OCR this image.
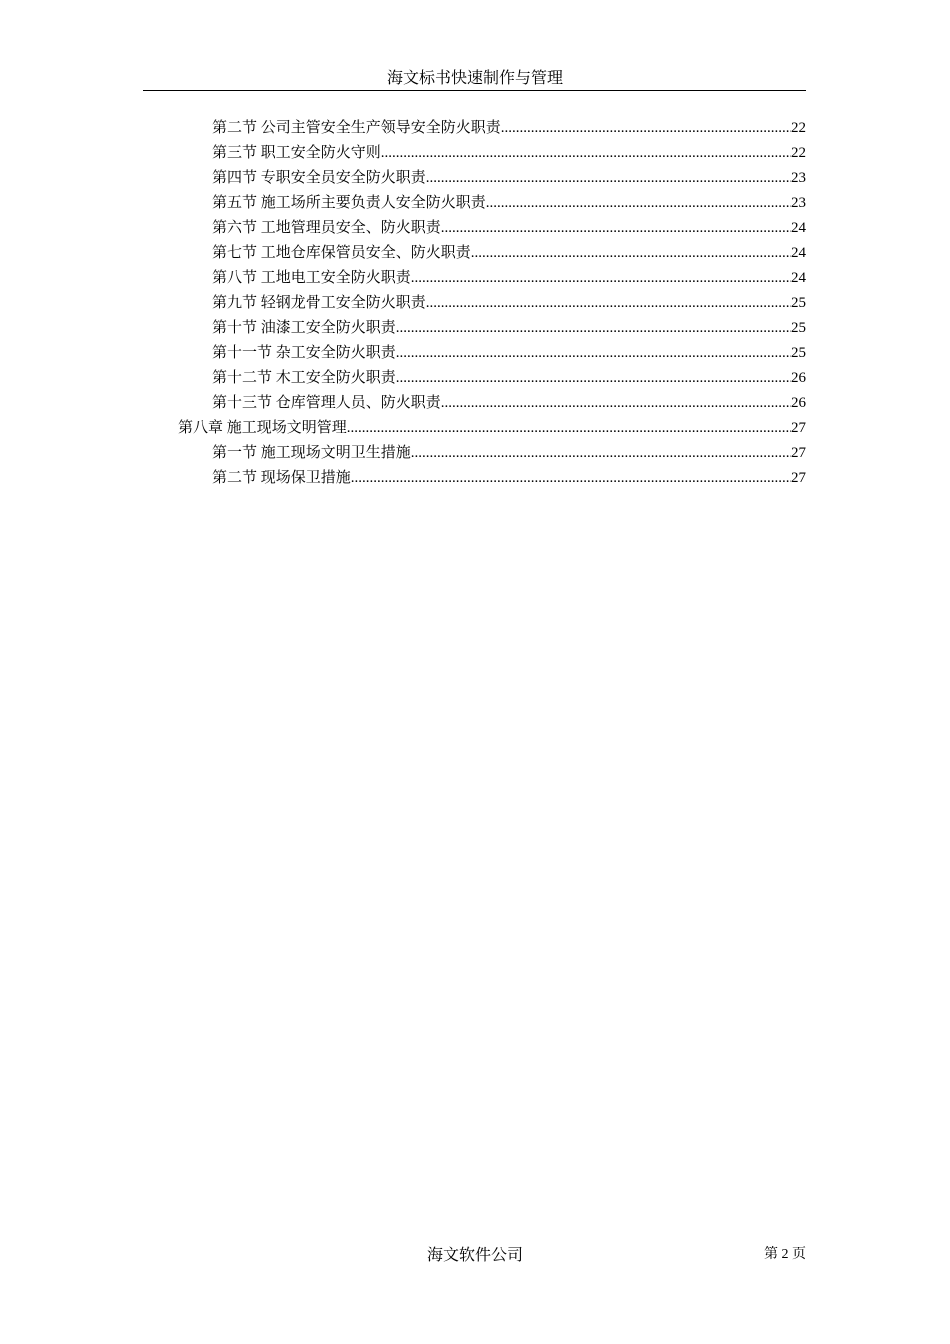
海文标书快速制作与管理
第二节 公司主管安全生产领导安全防火职责 .....	22
第三节 职工安全防火守则 .....	22
第四节 专职安全员安全防火职责 .....	23
第五节 施工场所主要负责人安全防火职责 .....	23
第六节 工地管理员安全、防火职责 .....	24
第七节 工地仓库保管员安全、防火职责 .....	24
第八节 工地电工安全防火职责 .....	24
第九节 轻钢龙骨工安全防火职责 .....	25
第十节 油漆工安全防火职责 .....	25
第十一节 杂工安全防火职责 .....	25
第十二节 木工安全防火职责 .....	26
第十三节 仓库管理人员、防火职责 .....	26
第八章 施工现场文明管理 .....	27
第一节 施工现场文明卫生措施 .....	27
第二节 现场保卫措施 .....	27
海文软件公司	第 2 页
